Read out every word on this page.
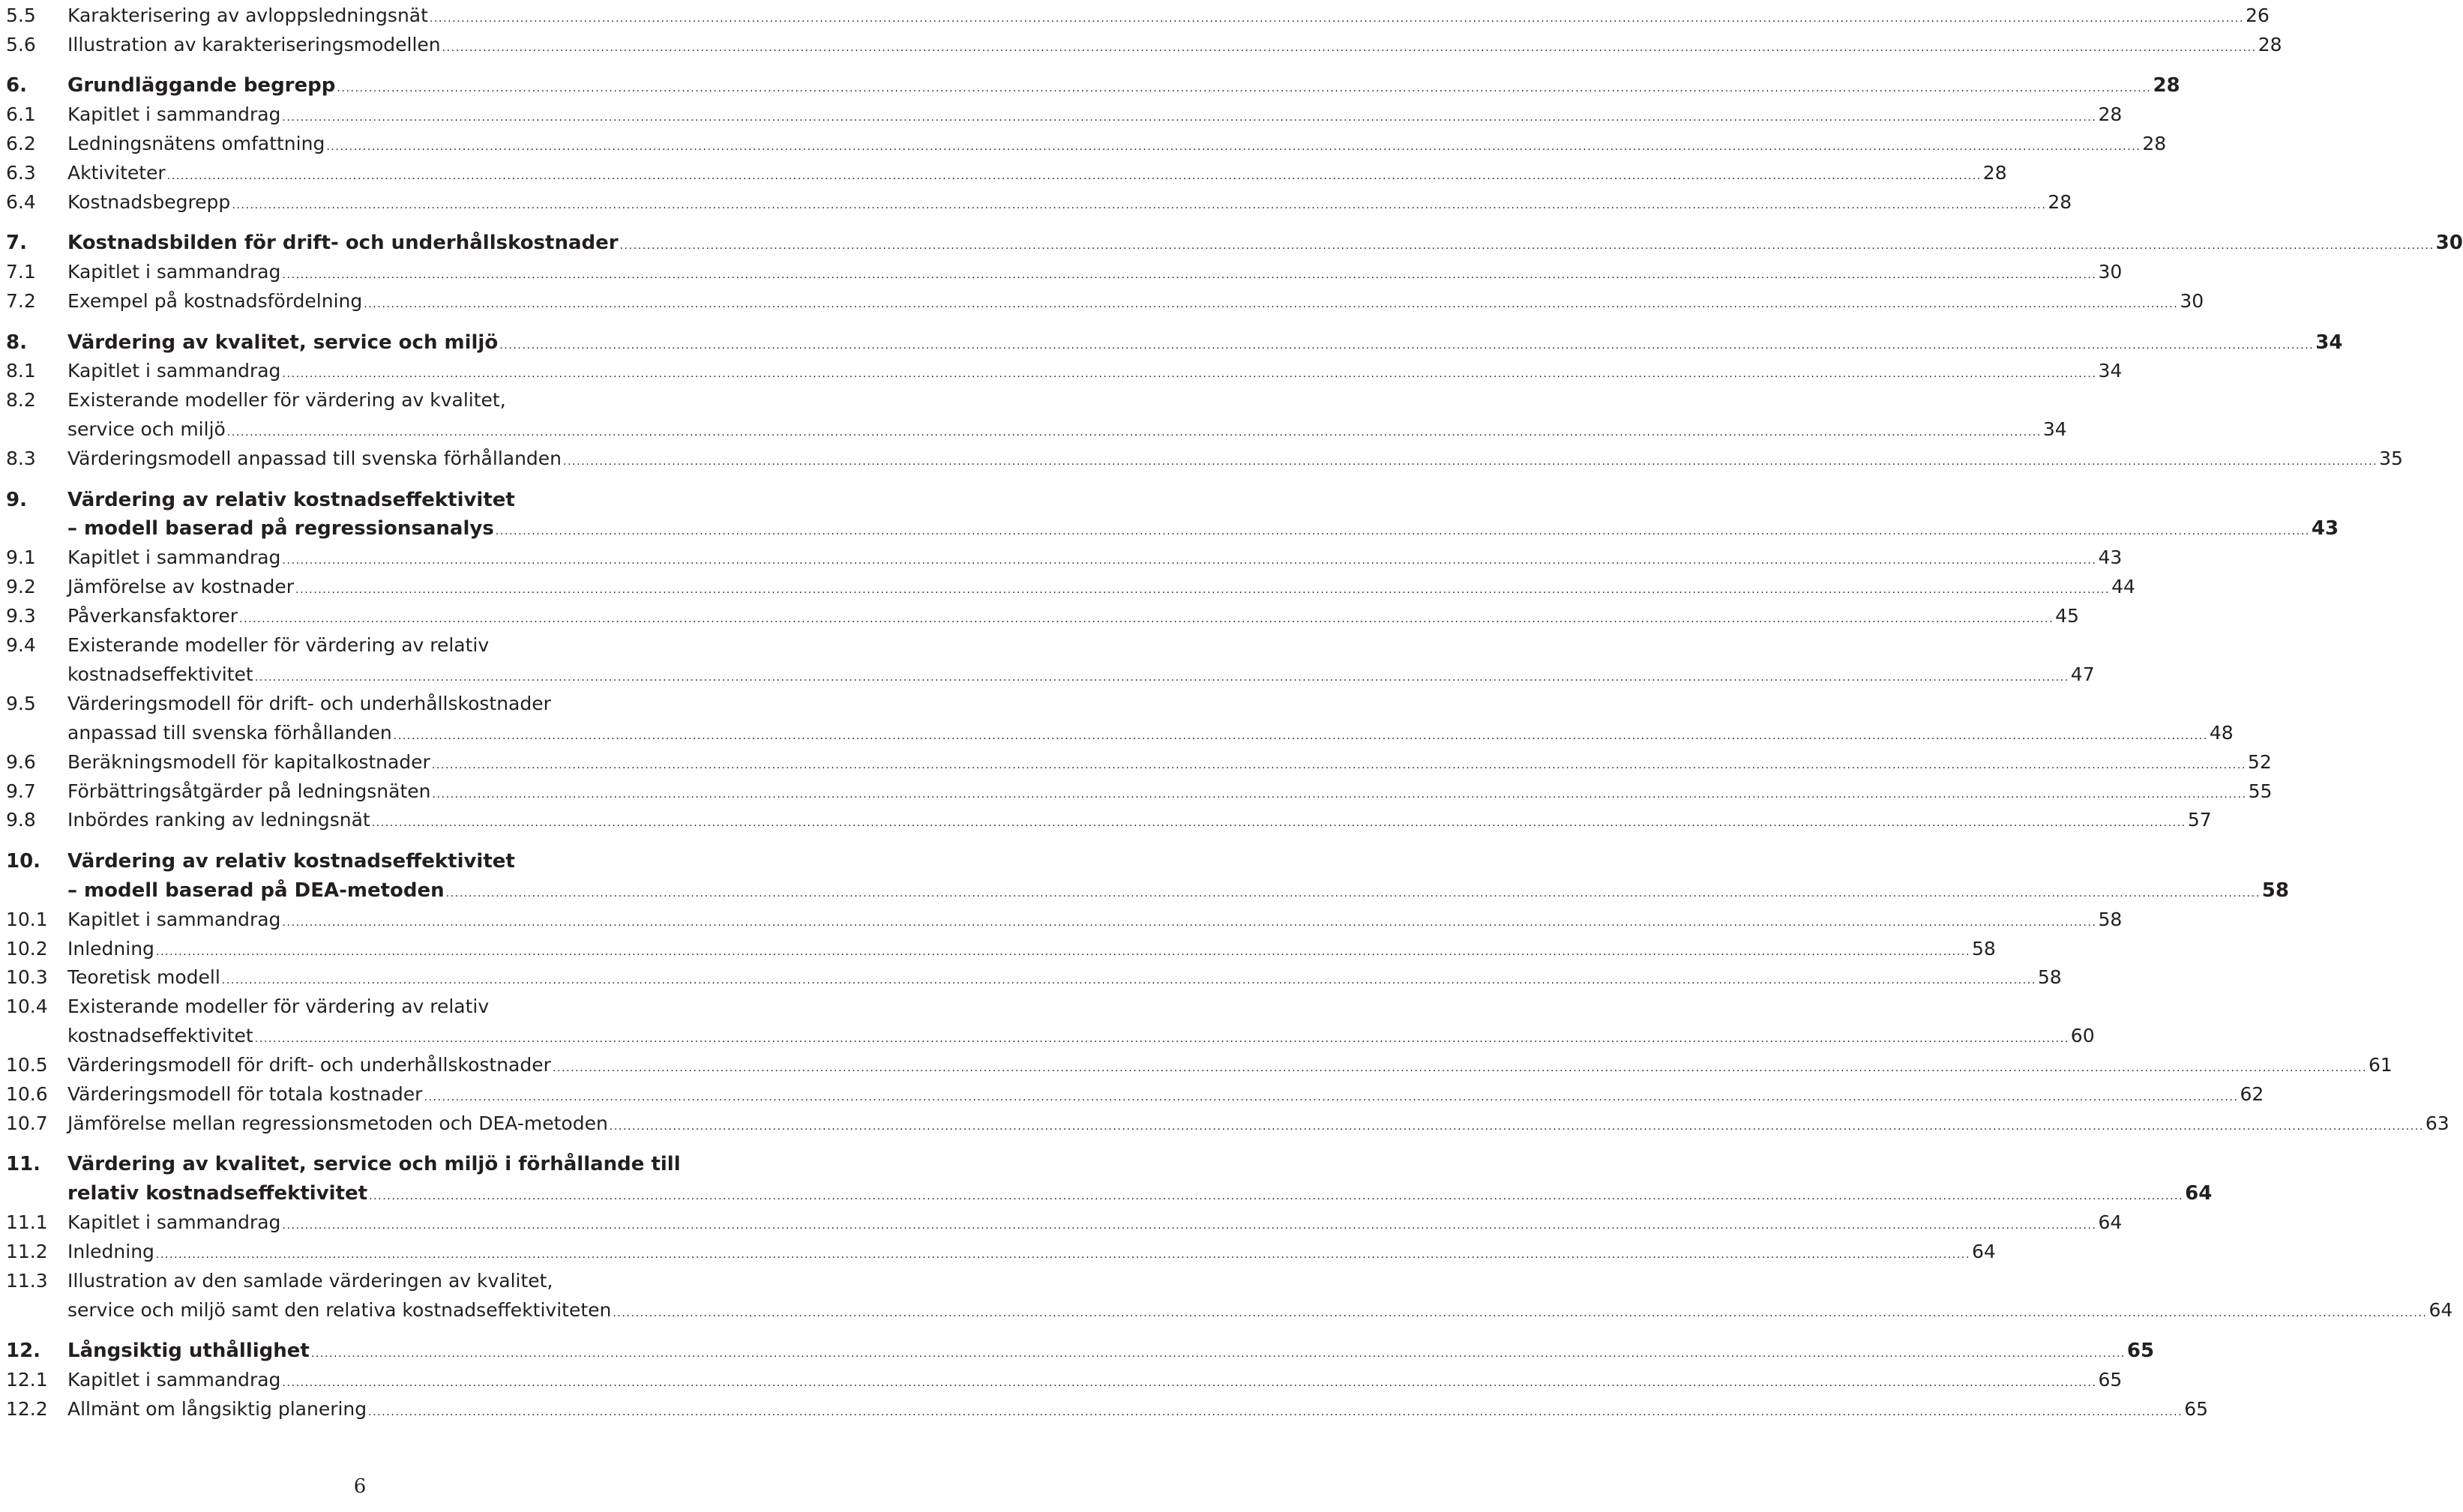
5.5 Karakterisering av avloppsledningsnät ................................................................................................................................................................................................................................................................................................................................................................................................................ 26
5.6 Illustration av karakteriseringsmodellen ................................................................................................................................................................................................................................................................................................................................................................................................................ 28
6. Grundläggande begrepp ................................................................................................................................................................................................................................................................................................................................................................................................................ 28
6.1 Kapitlet i sammandrag ................................................................................................................................................................................................................................................................................................................................................................................................................ 28
6.2 Ledningsnätens omfattning ................................................................................................................................................................................................................................................................................................................................................................................................................ 28
6.3 Aktiviteter ................................................................................................................................................................................................................................................................................................................................................................................................................ 28
6.4 Kostnadsbegrepp ................................................................................................................................................................................................................................................................................................................................................................................................................ 28
7. Kostnadsbilden för drift- och underhållskostnader ................................................................................................................................................................................................................................................................................................................................................................................................................ 30
7.1 Kapitlet i sammandrag ................................................................................................................................................................................................................................................................................................................................................................................................................ 30
7.2 Exempel på kostnadsfördelning ................................................................................................................................................................................................................................................................................................................................................................................................................ 30
8. Värdering av kvalitet, service och miljö ................................................................................................................................................................................................................................................................................................................................................................................................................ 34
8.1 Kapitlet i sammandrag ................................................................................................................................................................................................................................................................................................................................................................................................................ 34
8.2 Existerande modeller för värdering av kvalitet,
service och miljö ................................................................................................................................................................................................................................................................................................................................................................................................................ 34
8.3 Värderingsmodell anpassad till svenska förhållanden ................................................................................................................................................................................................................................................................................................................................................................................................................ 35
9. Värdering av relativ kostnadseffektivitet
– modell baserad på regressionsanalys ................................................................................................................................................................................................................................................................................................................................................................................................................ 43
9.1 Kapitlet i sammandrag ................................................................................................................................................................................................................................................................................................................................................................................................................ 43
9.2 Jämförelse av kostnader ................................................................................................................................................................................................................................................................................................................................................................................................................ 44
9.3 Påverkansfaktorer ................................................................................................................................................................................................................................................................................................................................................................................................................ 45
9.4 Existerande modeller för värdering av relativ
kostnadseffektivitet ................................................................................................................................................................................................................................................................................................................................................................................................................ 47
9.5 Värderingsmodell för drift- och underhållskostnader
anpassad till svenska förhållanden ................................................................................................................................................................................................................................................................................................................................................................................................................ 48
9.6 Beräkningsmodell för kapitalkostnader ................................................................................................................................................................................................................................................................................................................................................................................................................ 52
9.7 Förbättringsåtgärder på ledningsnäten ................................................................................................................................................................................................................................................................................................................................................................................................................ 55
9.8 Inbördes ranking av ledningsnät ................................................................................................................................................................................................................................................................................................................................................................................................................ 57
10. Värdering av relativ kostnadseffektivitet
– modell baserad på DEA-metoden ................................................................................................................................................................................................................................................................................................................................................................................................................ 58
10.1 Kapitlet i sammandrag ................................................................................................................................................................................................................................................................................................................................................................................................................ 58
10.2 Inledning ................................................................................................................................................................................................................................................................................................................................................................................................................ 58
10.3 Teoretisk modell ................................................................................................................................................................................................................................................................................................................................................................................................................ 58
10.4 Existerande modeller för värdering av relativ
kostnadseffektivitet ................................................................................................................................................................................................................................................................................................................................................................................................................ 60
10.5 Värderingsmodell för drift- och underhållskostnader ................................................................................................................................................................................................................................................................................................................................................................................................................ 61
10.6 Värderingsmodell för totala kostnader ................................................................................................................................................................................................................................................................................................................................................................................................................ 62
10.7 Jämförelse mellan regressionsmetoden och DEA-metoden ................................................................................................................................................................................................................................................................................................................................................................................................................ 63
11. Värdering av kvalitet, service och miljö i förhållande till
relativ kostnadseffektivitet ................................................................................................................................................................................................................................................................................................................................................................................................................ 64
11.1 Kapitlet i sammandrag ................................................................................................................................................................................................................................................................................................................................................................................................................ 64
11.2 Inledning ................................................................................................................................................................................................................................................................................................................................................................................................................ 64
11.3 Illustration av den samlade värderingen av kvalitet,
service och miljö samt den relativa kostnadseffektiviteten ................................................................................................................................................................................................................................................................................................................................................................................................................ 64
12. Långsiktig uthållighet ................................................................................................................................................................................................................................................................................................................................................................................................................ 65
12.1 Kapitlet i sammandrag ................................................................................................................................................................................................................................................................................................................................................................................................................ 65
12.2 Allmänt om långsiktig planering ................................................................................................................................................................................................................................................................................................................................................................................................................ 65
6
